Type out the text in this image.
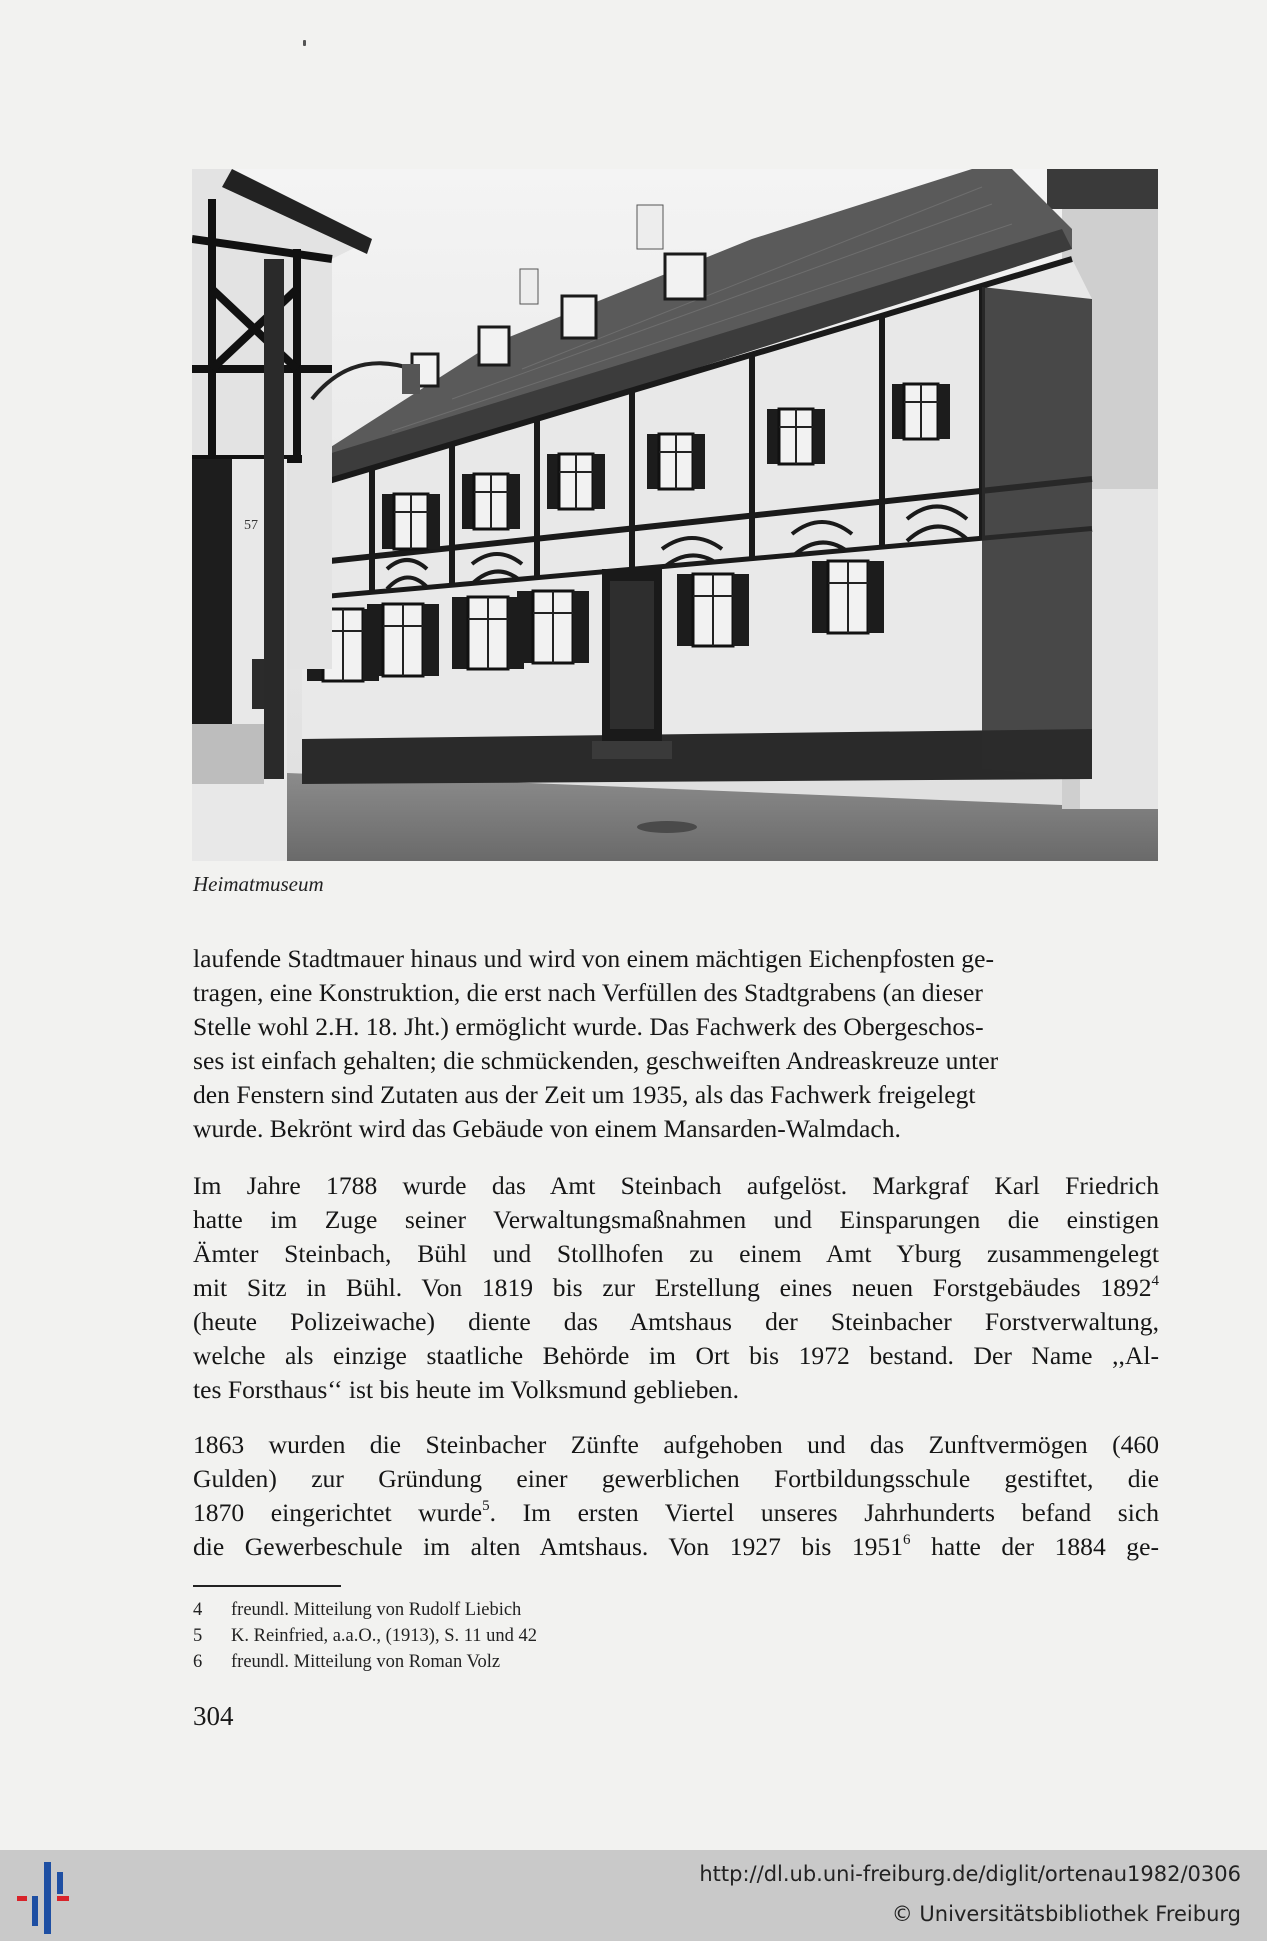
57
Heimatmuseum

laufende Stadtmauer hinaus und wird von einem mächtigen Eichenpfosten ge-

tragen, eine Konstruktion, die erst nach Verfüllen des Stadtgrabens (an dieser

Stelle wohl 2.H. 18. Jht.) ermöglicht wurde. Das Fachwerk des Obergeschos-

ses ist einfach gehalten; die schmückenden, geschweiften Andreaskreuze unter

den Fenstern sind Zutaten aus der Zeit um 1935, als das Fachwerk freigelegt

wurde. Bekrönt wird das Gebäude von einem Mansarden-Walmdach.

Im Jahre 1788 wurde das Amt Steinbach aufgelöst. Markgraf Karl Friedrich

hatte im Zuge seiner Verwaltungsmaßnahmen und Einsparungen die einstigen

Ämter Steinbach, Bühl und Stollhofen zu einem Amt Yburg zusammengelegt

mit Sitz in Bühl. Von 1819 bis zur Erstellung eines neuen Forstgebäudes 1892$^4$

(heute Polizeiwache) diente das Amtshaus der Steinbacher Forstverwaltung,

welche als einzige staatliche Behörde im Ort bis 1972 bestand. Der Name ,,Al-

tes Forsthaus‘‘ ist bis heute im Volksmund geblieben.

1863 wurden die Steinbacher Zünfte aufgehoben und das Zunftvermögen (460

Gulden) zur Gründung einer gewerblichen Fortbildungsschule gestiftet, die

1870 eingerichtet wurde$^5$. Im ersten Viertel unseres Jahrhunderts befand sich

die Gewerbeschule im alten Amtshaus. Von 1927 bis 1951$^6$ hatte der 1884 ge-

4	freundl. Mitteilung von Rudolf Liebich
5	K. Reinfried, a.a.O., (1913), S. 11 und 42
6	freundl. Mitteilung von Roman Volz
304
http://dl.ub.uni-freiburg.de/diglit/ortenau1982/0306
© Universitätsbibliothek Freiburg
